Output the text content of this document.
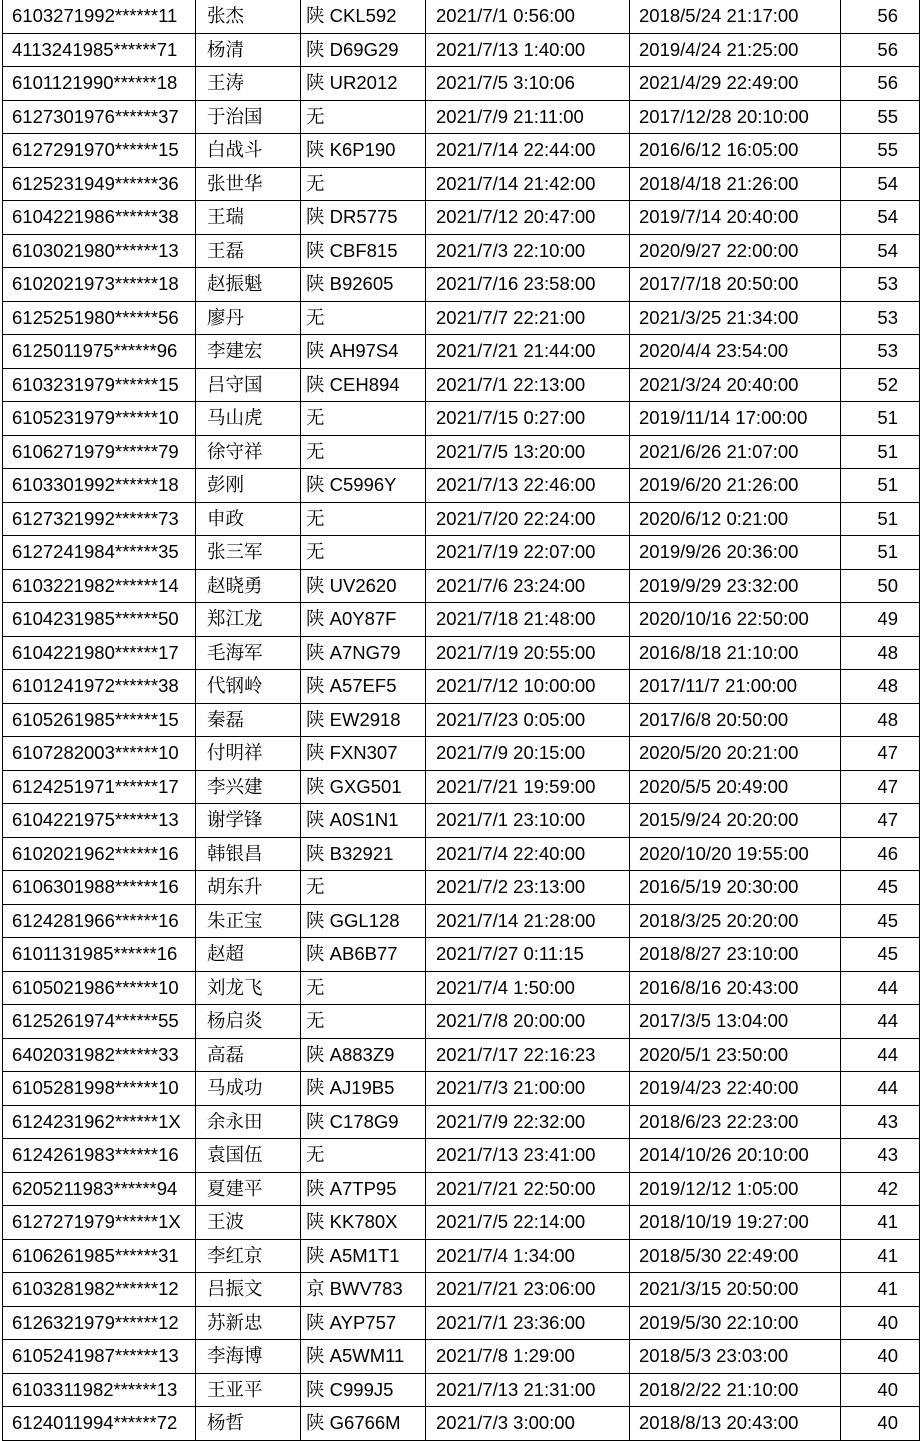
6103271992******11	张杰	陕 CKL592	2021/7/1 0:56:00	2018/5/24 21:17:00	56
4113241985******71	杨清	陕 D69G29	2021/7/13 1:40:00	2019/4/24 21:25:00	56
6101121990******18	王涛	陕 UR2012	2021/7/5 3:10:06	2021/4/29 22:49:00	56
6127301976******37	于治国	无	2021/7/9 21:11:00	2017/12/28 20:10:00	55
6127291970******15	白战斗	陕 K6P190	2021/7/14 22:44:00	2016/6/12 16:05:00	55
6125231949******36	张世华	无	2021/7/14 21:42:00	2018/4/18 21:26:00	54
6104221986******38	王瑞	陕 DR5775	2021/7/12 20:47:00	2019/7/14 20:40:00	54
6103021980******13	王磊	陕 CBF815	2021/7/3 22:10:00	2020/9/27 22:00:00	54
6102021973******18	赵振魁	陕 B92605	2021/7/16 23:58:00	2017/7/18 20:50:00	53
6125251980******56	廖丹	无	2021/7/7 22:21:00	2021/3/25 21:34:00	53
6125011975******96	李建宏	陕 AH97S4	2021/7/21 21:44:00	2020/4/4 23:54:00	53
6103231979******15	吕守国	陕 CEH894	2021/7/1 22:13:00	2021/3/24 20:40:00	52
6105231979******10	马山虎	无	2021/7/15 0:27:00	2019/11/14 17:00:00	51
6106271979******79	徐守祥	无	2021/7/5 13:20:00	2021/6/26 21:07:00	51
6103301992******18	彭刚	陕 C5996Y	2021/7/13 22:46:00	2019/6/20 21:26:00	51
6127321992******73	申政	无	2021/7/20 22:24:00	2020/6/12 0:21:00	51
6127241984******35	张三军	无	2021/7/19 22:07:00	2019/9/26 20:36:00	51
6103221982******14	赵晓勇	陕 UV2620	2021/7/6 23:24:00	2019/9/29 23:32:00	50
6104231985******50	郑江龙	陕 A0Y87F	2021/7/18 21:48:00	2020/10/16 22:50:00	49
6104221980******17	毛海军	陕 A7NG79	2021/7/19 20:55:00	2016/8/18 21:10:00	48
6101241972******38	代钢岭	陕 A57EF5	2021/7/12 10:00:00	2017/11/7 21:00:00	48
6105261985******15	秦磊	陕 EW2918	2021/7/23 0:05:00	2017/6/8 20:50:00	48
6107282003******10	付明祥	陕 FXN307	2021/7/9 20:15:00	2020/5/20 20:21:00	47
6124251971******17	李兴建	陕 GXG501	2021/7/21 19:59:00	2020/5/5 20:49:00	47
6104221975******13	谢学锋	陕 A0S1N1	2021/7/1 23:10:00	2015/9/24 20:20:00	47
6102021962******16	韩银昌	陕 B32921	2021/7/4 22:40:00	2020/10/20 19:55:00	46
6106301988******16	胡东升	无	2021/7/2 23:13:00	2016/5/19 20:30:00	45
6124281966******16	朱正宝	陕 GGL128	2021/7/14 21:28:00	2018/3/25 20:20:00	45
6101131985******16	赵超	陕 AB6B77	2021/7/27 0:11:15	2018/8/27 23:10:00	45
6105021986******10	刘龙飞	无	2021/7/4 1:50:00	2016/8/16 20:43:00	44
6125261974******55	杨启炎	无	2021/7/8 20:00:00	2017/3/5 13:04:00	44
6402031982******33	高磊	陕 A883Z9	2021/7/17 22:16:23	2020/5/1 23:50:00	44
6105281998******10	马成功	陕 AJ19B5	2021/7/3 21:00:00	2019/4/23 22:40:00	44
6124231962******1X	余永田	陕 C178G9	2021/7/9 22:32:00	2018/6/23 22:23:00	43
6124261983******16	袁国伍	无	2021/7/13 23:41:00	2014/10/26 20:10:00	43
6205211983******94	夏建平	陕 A7TP95	2021/7/21 22:50:00	2019/12/12 1:05:00	42
6127271979******1X	王波	陕 KK780X	2021/7/5 22:14:00	2018/10/19 19:27:00	41
6106261985******31	李红京	陕 A5M1T1	2021/7/4 1:34:00	2018/5/30 22:49:00	41
6103281982******12	吕振文	京 BWV783	2021/7/21 23:06:00	2021/3/15 20:50:00	41
6126321979******12	苏新忠	陕 AYP757	2021/7/1 23:36:00	2019/5/30 22:10:00	40
6105241987******13	李海博	陕 A5WM11	2021/7/8 1:29:00	2018/5/3 23:03:00	40
6103311982******13	王亚平	陕 C999J5	2021/7/13 21:31:00	2018/2/22 21:10:00	40
6124011994******72	杨哲	陕 G6766M	2021/7/3 3:00:00	2018/8/13 20:43:00	40
